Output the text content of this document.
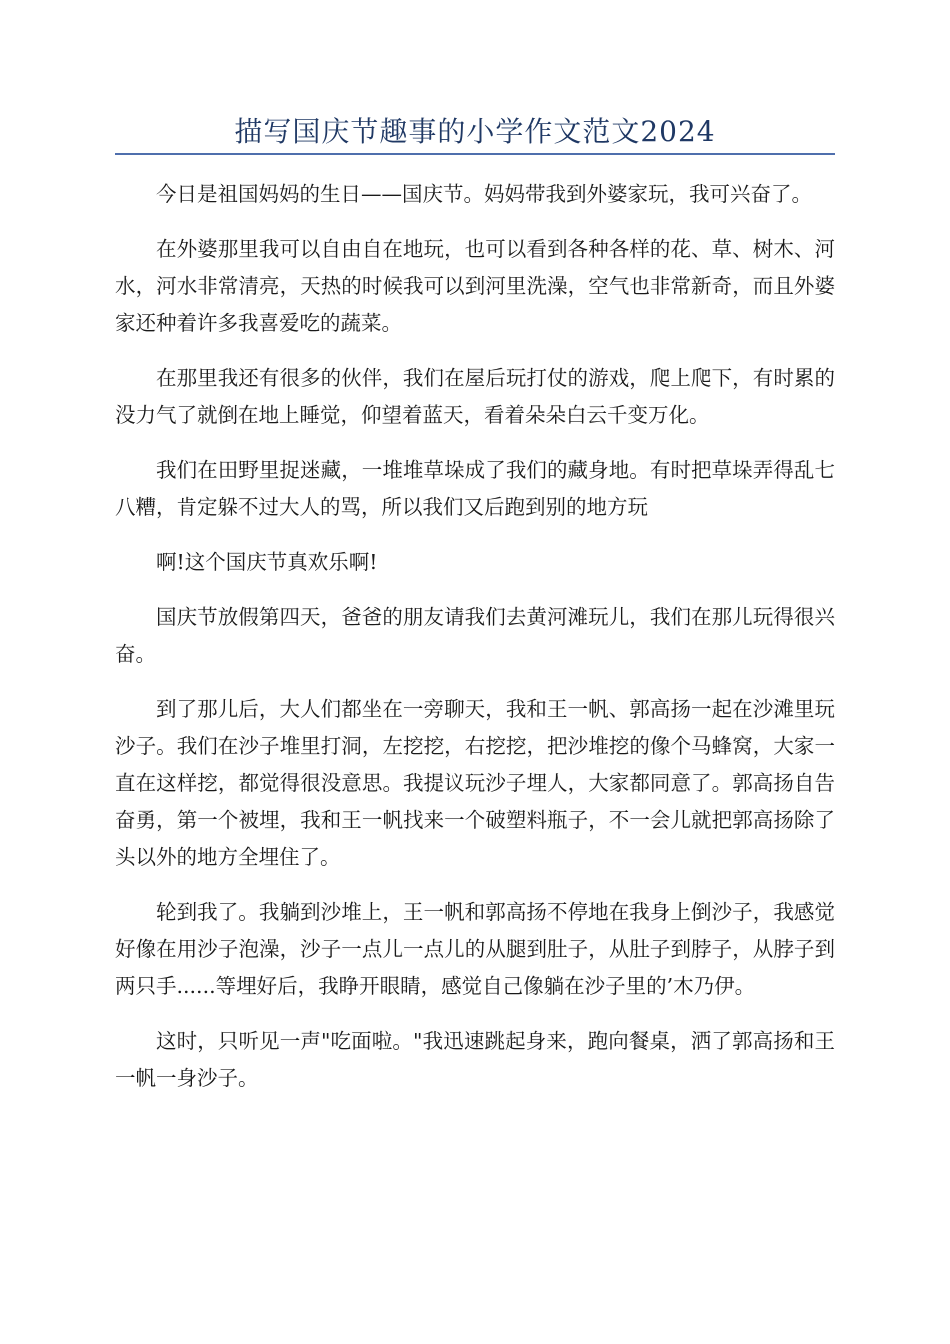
描写国庆节趣事的小学作文范文2024

今日是祖国妈妈的生日——国庆节。妈妈带我到外婆家玩，我可兴奋了。

在外婆那里我可以自由自在地玩，也可以看到各种各样的花、草、树木、河水，河水非常清亮，天热的时候我可以到河里洗澡，空气也非常新奇，而且外婆家还种着许多我喜爱吃的蔬菜。

在那里我还有很多的伙伴，我们在屋后玩打仗的游戏，爬上爬下，有时累的没力气了就倒在地上睡觉，仰望着蓝天，看着朵朵白云千变万化。

我们在田野里捉迷藏，一堆堆草垛成了我们的藏身地。有时把草垛弄得乱七八糟，肯定躲不过大人的骂，所以我们又后跑到别的地方玩

啊!这个国庆节真欢乐啊!

国庆节放假第四天，爸爸的朋友请我们去黄河滩玩儿，我们在那儿玩得很兴奋。

到了那儿后，大人们都坐在一旁聊天，我和王一帆、郭高扬一起在沙滩里玩沙子。我们在沙子堆里打洞，左挖挖，右挖挖，把沙堆挖的像个马蜂窝，大家一直在这样挖，都觉得很没意思。我提议玩沙子埋人，大家都同意了。郭高扬自告奋勇，第一个被埋，我和王一帆找来一个破塑料瓶子，不一会儿就把郭高扬除了头以外的地方全埋住了。

轮到我了。我躺到沙堆上，王一帆和郭高扬不停地在我身上倒沙子，我感觉好像在用沙子泡澡，沙子一点儿一点儿的从腿到肚子，从肚子到脖子，从脖子到两只手......等埋好后，我睁开眼睛，感觉自己像躺在沙子里的’木乃伊。

这时，只听见一声"吃面啦。"我迅速跳起身来，跑向餐桌，洒了郭高扬和王一帆一身沙子。
